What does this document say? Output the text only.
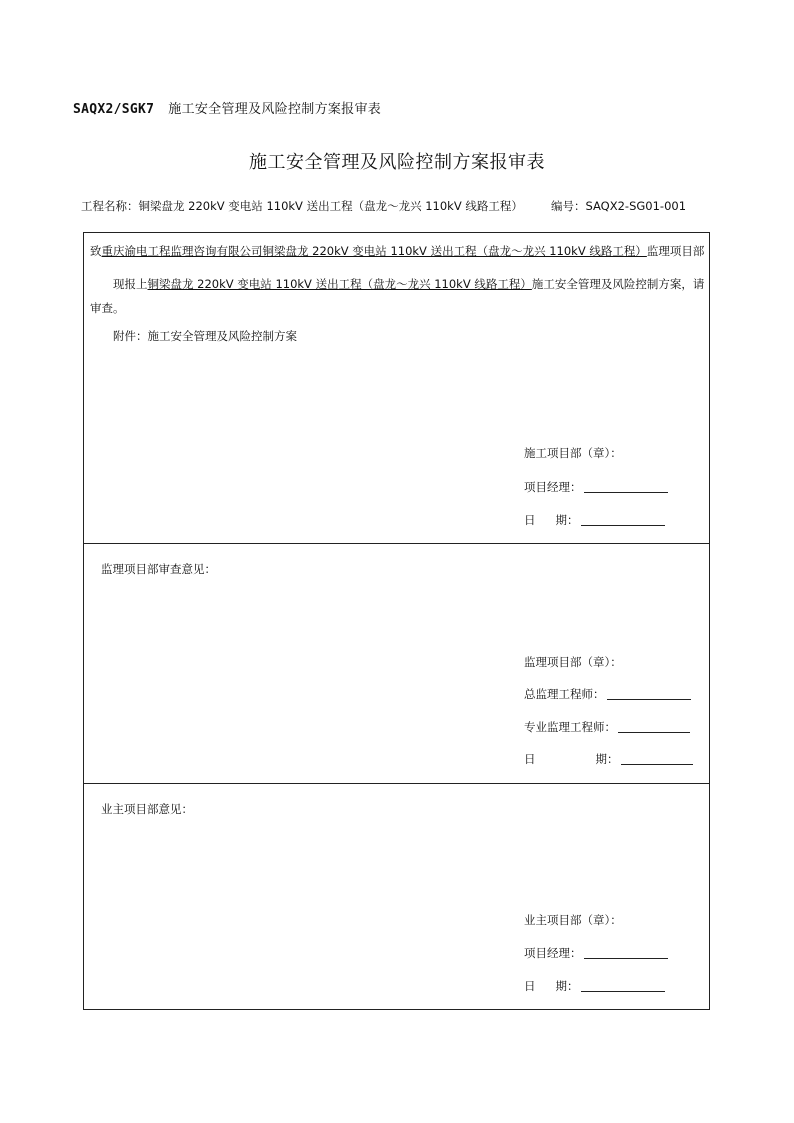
SAQX2/SGK7 施工安全管理及风险控制方案报审表
施工安全管理及风险控制方案报审表
工程名称：铜梁盘龙 220kV 变电站 110kV 送出工程（盘龙～龙兴 110kV 线路工程） 编号：SAQX2-SG01-001
致重庆渝电工程监理咨询有限公司铜梁盘龙 220kV 变电站 110kV 送出工程（盘龙～龙兴 110kV 线路工程）监理项目部
现报上铜梁盘龙 220kV 变电站 110kV 送出工程（盘龙～龙兴 110kV 线路工程）施工安全管理及风险控制方案，请
审查。
附件：施工安全管理及风险控制方案
施工项目部（章）：
项目经理：
日 期：
监理项目部审查意见：
监理项目部（章）：
总监理工程师：
专业监理工程师：
日	期：
业主项目部意见：
业主项目部（章）：
项目经理：
日 期：
